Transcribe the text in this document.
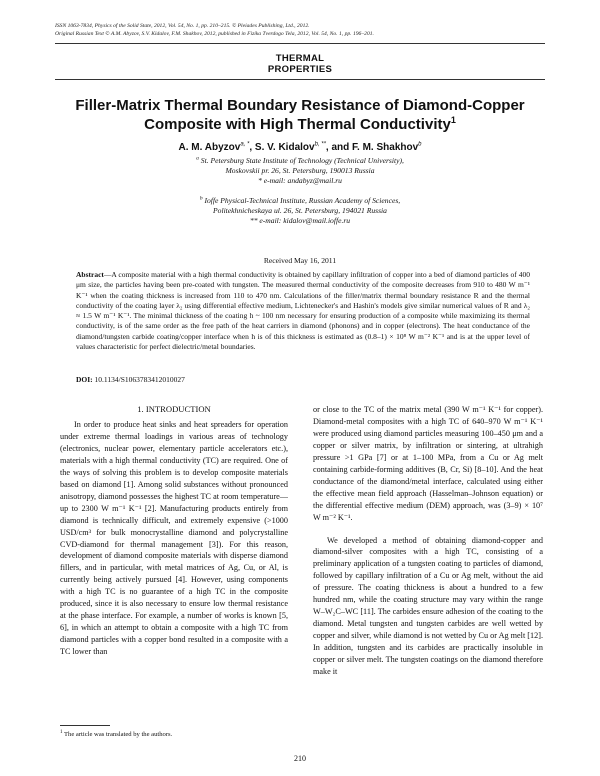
ISSN 1063-7834, Physics of the Solid State, 2012, Vol. 54, No. 1, pp. 210–215. © Pleiades Publishing, Ltd., 2012.
Original Russian Text © A.M. Abyzov, S.V. Kidalov, F.M. Shakhov, 2012, published in Fizika Tverdogo Tela, 2012, Vol. 54, No. 1, pp. 196–201.
THERMAL
PROPERTIES
Filler-Matrix Thermal Boundary Resistance of Diamond-Copper
Composite with High Thermal Conductivity$^1$
A. M. Abyzov$^{a, *}$, S. V. Kidalov$^{b, **}$, and F. M. Shakhov$^b$
$^a$ St. Petersburg State Institute of Technology (Technical University),
Moskovskii pr. 26, St. Petersburg, 190013 Russia
* e-mail: andabyz@mail.ru
$^b$ Ioffe Physical-Technical Institute, Russian Academy of Sciences,
Politekhnicheskaya ul. 26, St. Petersburg, 194021 Russia
** e-mail: kidalov@mail.ioffe.ru
Received May 16, 2011
Abstract—A composite material with a high thermal conductivity is obtained by capillary infiltration of copper into a bed of diamond particles of 400 μm size, the particles having been pre-coated with tungsten. The measured thermal conductivity of the composite decreases from 910 to 480 W m⁻¹ K⁻¹ when the coating thickness is increased from 110 to 470 nm. Calculations of the filler/matrix thermal boundary resistance R and the thermal conductivity of the coating layer λ₂ using differential effective medium, Lichtenecker's and Hashin's models give similar numerical values of R and λ₂ ≈ 1.5 W m⁻¹ K⁻¹. The minimal thickness of the coating h ~ 100 nm necessary for ensuring production of a composite while maximizing its thermal conductivity, is of the same order as the free path of the heat carriers in diamond (phonons) and in copper (electrons). The heat conductance of the diamond/tungsten carbide coating/copper interface when h is of this thickness is estimated as (0.8–1) × 10⁸ W m⁻² K⁻¹ and is at the upper level of values characteristic for perfect dielectric/metal boundaries.
DOI: 10.1134/S1063783412010027
1. INTRODUCTION

In order to produce heat sinks and heat spreaders for operation under extreme thermal loadings in various areas of technology (electronics, nuclear power, elementary particle accelerators etc.), materials with a high thermal conductivity (TC) are required. One of the ways of solving this problem is to develop composite materials based on diamond [1]. Among solid substances without pronounced anisotropy, diamond possesses the highest TC at room temperature—up to 2300 W m⁻¹ K⁻¹ [2]. Manufacturing products entirely from diamond is technically difficult, and extremely expensive (>1000 USD/cm³ for bulk monocrystalline diamond and polycrystalline CVD-diamond for thermal management [3]). For this reason, development of diamond composite materials with disperse diamond fillers, and in particular, with metal matrices of Ag, Cu, or Al, is currently being actively pursued [4]. However, using components with a high TC is no guarantee of a high TC in the composite produced, since it is also necessary to ensure low thermal resistance at the phase interface. For example, a number of works is known [5, 6], in which an attempt to obtain a composite with a high TC from diamond particles with a copper bond resulted in a composite with a TC lower than

or close to the TC of the matrix metal (390 W m⁻¹ K⁻¹ for copper). Diamond-metal composites with a high TC of 640–970 W m⁻¹ K⁻¹ were produced using diamond particles measuring 100–450 μm and a copper or silver matrix, by infiltration or sintering, at ultrahigh pressure >1 GPa [7] or at 1–100 MPa, from a Cu or Ag melt containing carbide-forming additives (B, Cr, Si) [8–10]. And the heat conductance of the diamond/metal interface, calculated using either the effective mean field approach (Hasselman–Johnson equation) or the differential effective medium (DEM) approach, was (3–9) × 10⁷ W m⁻² K⁻¹.

We developed a method of obtaining diamond-copper and diamond-silver composites with a high TC, consisting of a preliminary application of a tungsten coating to particles of diamond, followed by capillary infiltration of a Cu or Ag melt, without the aid of pressure. The coating thickness is about a hundred to a few hundred nm, while the coating structure may vary within the range W–W₂C–WC [11]. The carbides ensure adhesion of the coating to the diamond. Metal tungsten and tungsten carbides are well wetted by copper and silver, while diamond is not wetted by Cu or Ag melt [12]. In addition, tungsten and its carbides are practically insoluble in copper or silver melt. The tungsten coatings on the diamond therefore make it

$^1$ The article was translated by the authors.
210
